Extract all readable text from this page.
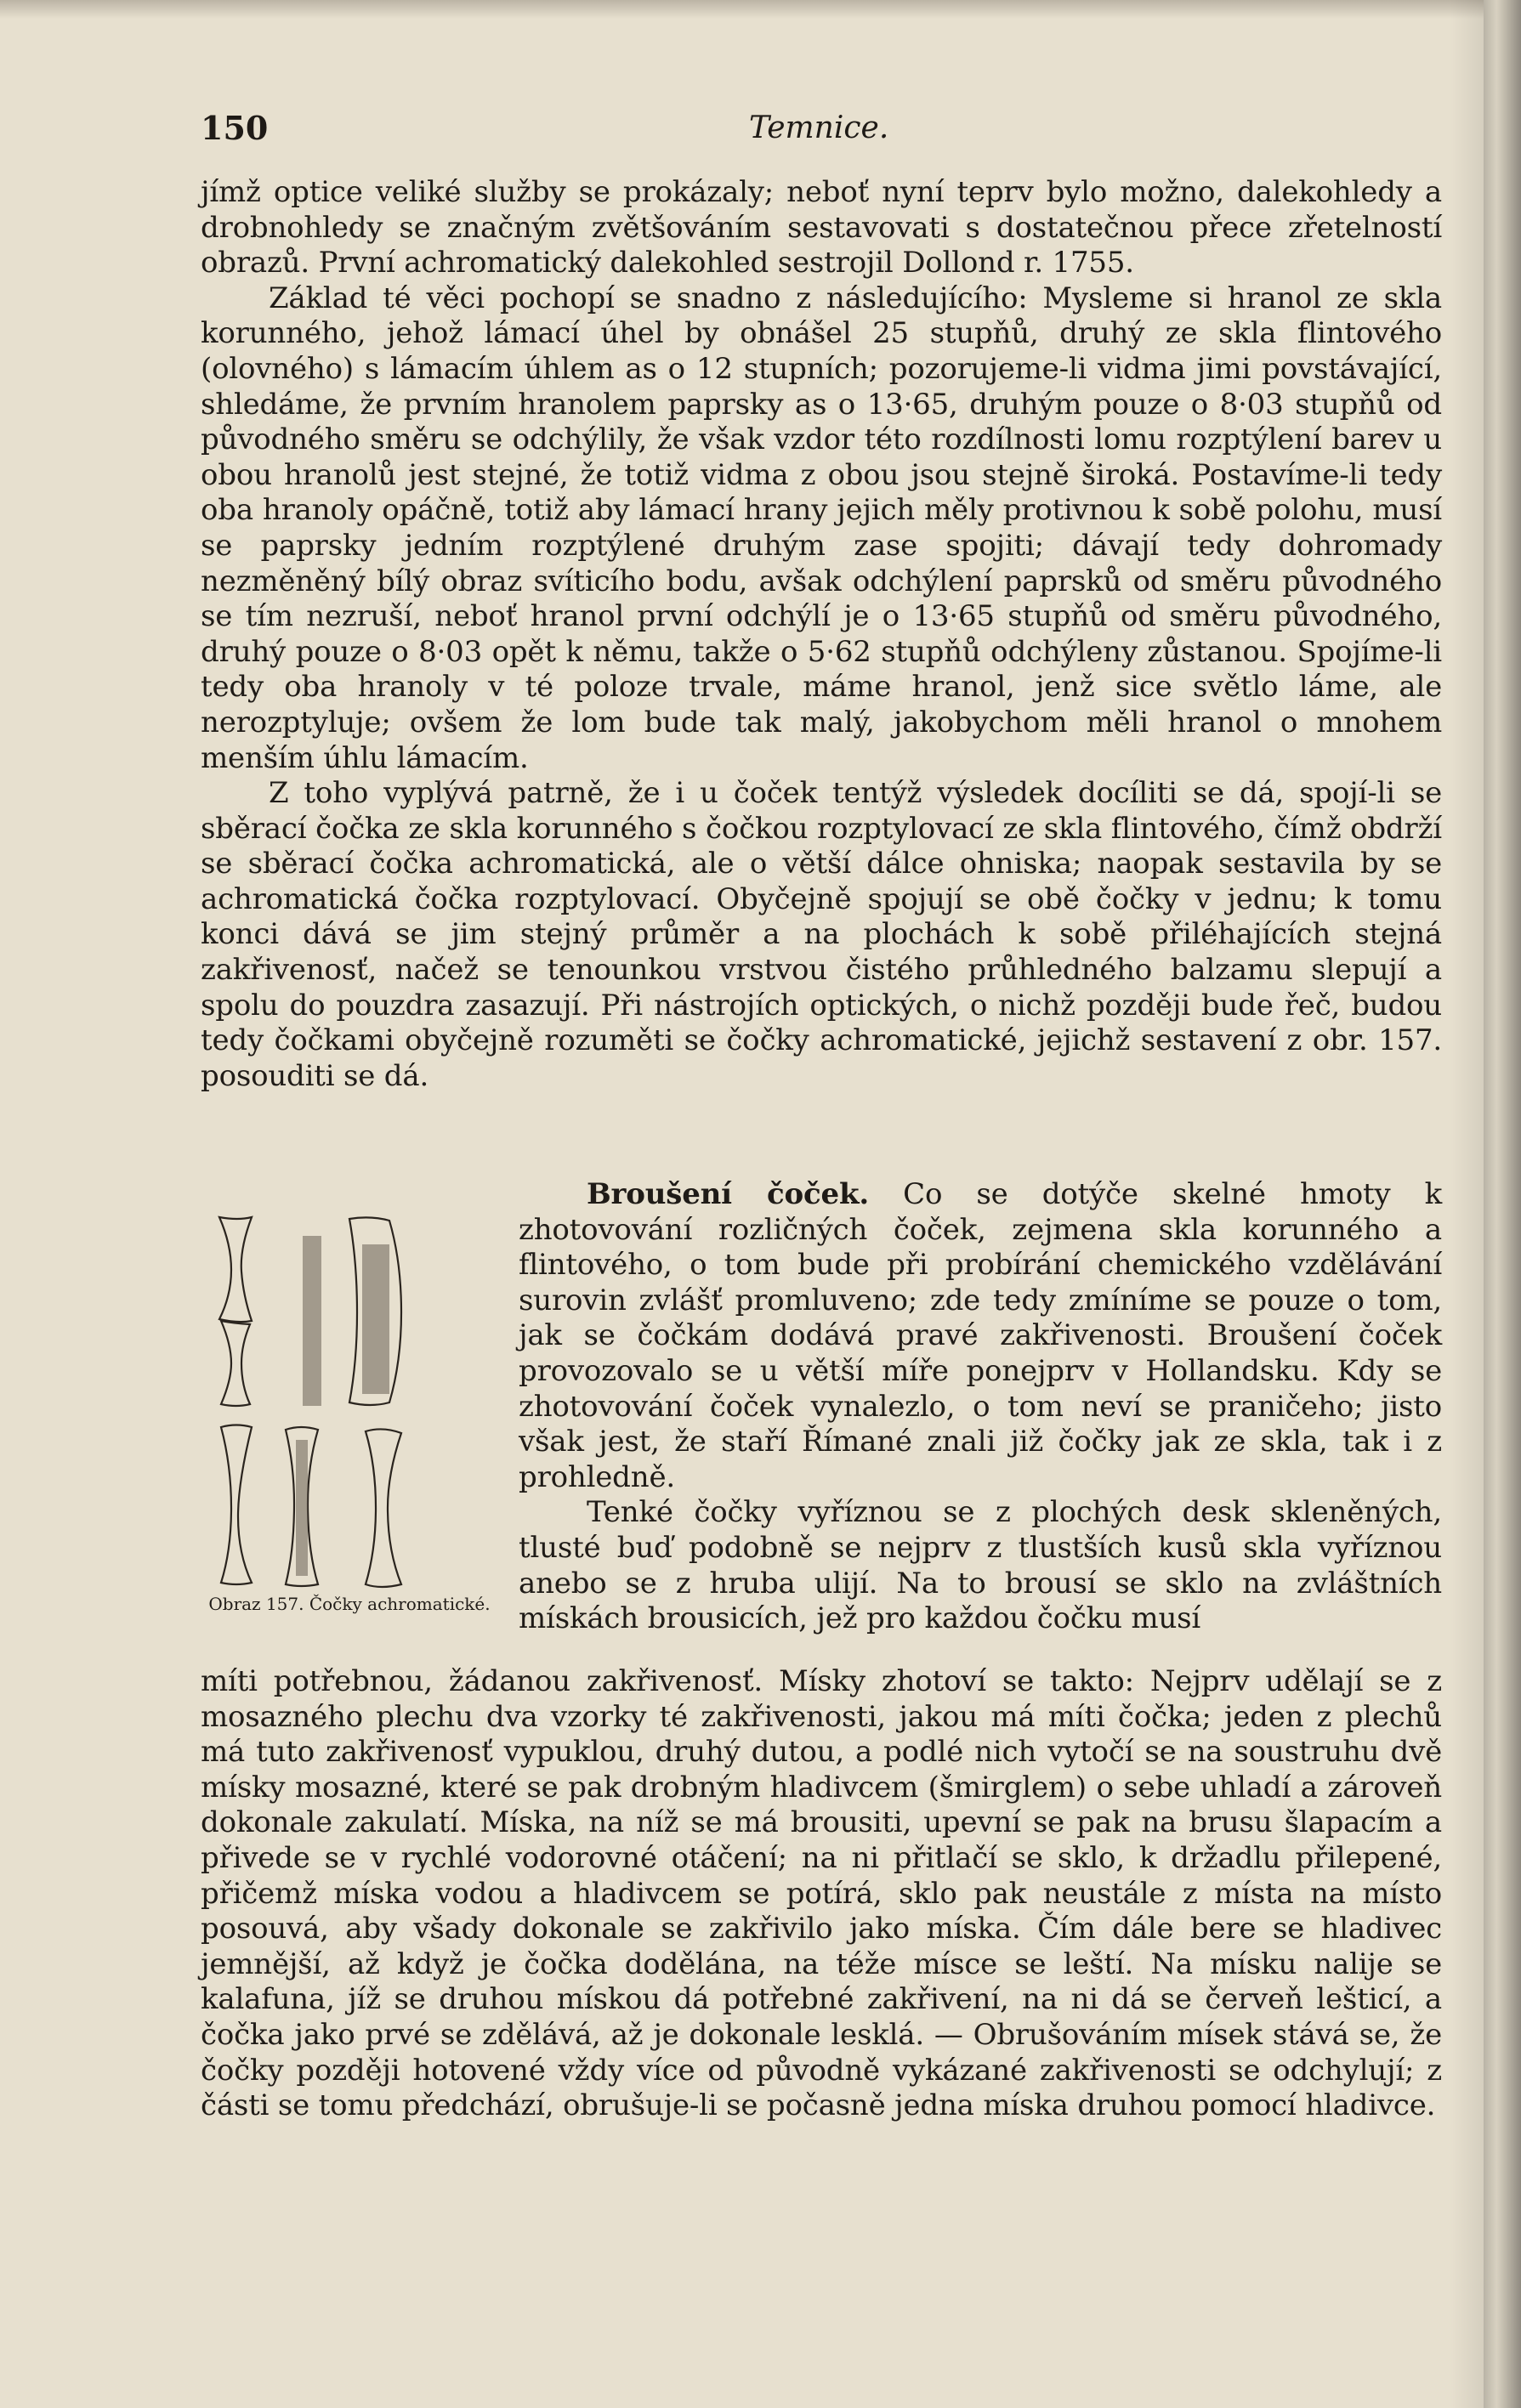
150	Temnice.

jímž optice veliké služby se prokázaly; neboť nyní teprv bylo možno, dalekohledy a drobnohledy se značným zvětšováním sestavovati s dostatečnou přece zřetelností obrazů. První achromatický dalekohled sestrojil Dollond r. 1755.

Základ té věci pochopí se snadno z následujícího: Mysleme si hranol ze skla korunného, jehož lámací úhel by obnášel 25 stupňů, druhý ze skla flintového (olovného) s lámacím úhlem as o 12 stupních; pozorujeme-li vidma jimi povstávající, shledáme, že prvním hranolem paprsky as o 13·65, druhým pouze o 8·03 stupňů od původného směru se odchýlily, že však vzdor této rozdílnosti lomu rozptýlení barev u obou hranolů jest stejné, že totiž vidma z obou jsou stejně široká. Postavíme-li tedy oba hranoly opáčně, totiž aby lámací hrany jejich měly protivnou k sobě polohu, musí se paprsky jedním rozptýlené druhým zase spojiti; dávají tedy dohromady nezměněný bílý obraz svíticího bodu, avšak odchýlení paprsků od směru původného se tím nezruší, neboť hranol první odchýlí je o 13·65 stupňů od směru původného, druhý pouze o 8·03 opět k němu, takže o 5·62 stupňů odchýleny zůstanou. Spojíme-li tedy oba hranoly v té poloze trvale, máme hranol, jenž sice světlo láme, ale nerozptyluje; ovšem že lom bude tak malý, jakobychom měli hranol o mnohem menším úhlu lámacím.

Z toho vyplývá patrně, že i u čoček tentýž výsledek docíliti se dá, spojí-li se sběrací čočka ze skla korunného s čočkou rozptylovací ze skla flintového, čímž obdrží se sběrací čočka achromatická, ale o větší dálce ohniska; naopak sestavila by se achromatická čočka rozptylovací. Obyčejně spojují se obě čočky v jednu; k tomu konci dává se jim stejný průměr a na plochách k sobě přiléhajících stejná zakřivenosť, načež se tenounkou vrstvou čistého průhledného balzamu slepují a spolu do pouzdra zasazují. Při nástrojích optických, o nichž později bude řeč, budou tedy čočkami obyčejně rozuměti se čočky achromatické, jejichž sestavení z obr. 157. posouditi se dá.

Obraz 157. Čočky achromatické.

Broušení čoček. Co se dotýče skelné hmoty k zhotovování rozličných čoček, zejmena skla korunného a flintového, o tom bude při probírání chemického vzdělávání surovin zvlášť promluveno; zde tedy zmíníme se pouze o tom, jak se čočkám dodává pravé zakřivenosti. Broušení čoček provozovalo se u větší míře ponejprv v Hollandsku. Kdy se zhotovování čoček vynalezlo, o tom neví se praničeho; jisto však jest, že staří Římané znali již čočky jak ze skla, tak i z prohledně.

Tenké čočky vyříznou se z plochých desk skleněných, tlusté buď podobně se nejprv z tlustších kusů skla vyříznou anebo se z hruba ulijí. Na to brousí se sklo na zvláštních mískách brousicích, jež pro každou čočku musí

míti potřebnou, žádanou zakřivenosť. Mísky zhotoví se takto: Nejprv udělají se z mosazného plechu dva vzorky té zakřivenosti, jakou má míti čočka; jeden z plechů má tuto zakřivenosť vypuklou, druhý dutou, a podlé nich vytočí se na soustruhu dvě mísky mosazné, které se pak drobným hladivcem (šmirglem) o sebe uhladí a zároveň dokonale zakulatí. Míska, na níž se má brousiti, upevní se pak na brusu šlapacím a přivede se v rychlé vodorovné otáčení; na ni přitlačí se sklo, k držadlu přilepené, přičemž míska vodou a hladivcem se potírá, sklo pak neustále z místa na místo posouvá, aby všady dokonale se zakřivilo jako míska. Čím dále bere se hladivec jemnější, až když je čočka dodělána, na téže mísce se leští. Na mísku nalije se kalafuna, jíž se druhou mískou dá potřebné zakřivení, na ni dá se červeň lešticí, a čočka jako prvé se zdělává, až je dokonale lesklá. — Obrušováním mísek stává se, že čočky později hotovené vždy více od původně vykázané zakřivenosti se odchylují; z části se tomu předchází, obrušuje-li se počasně jedna míska druhou pomocí hladivce.
